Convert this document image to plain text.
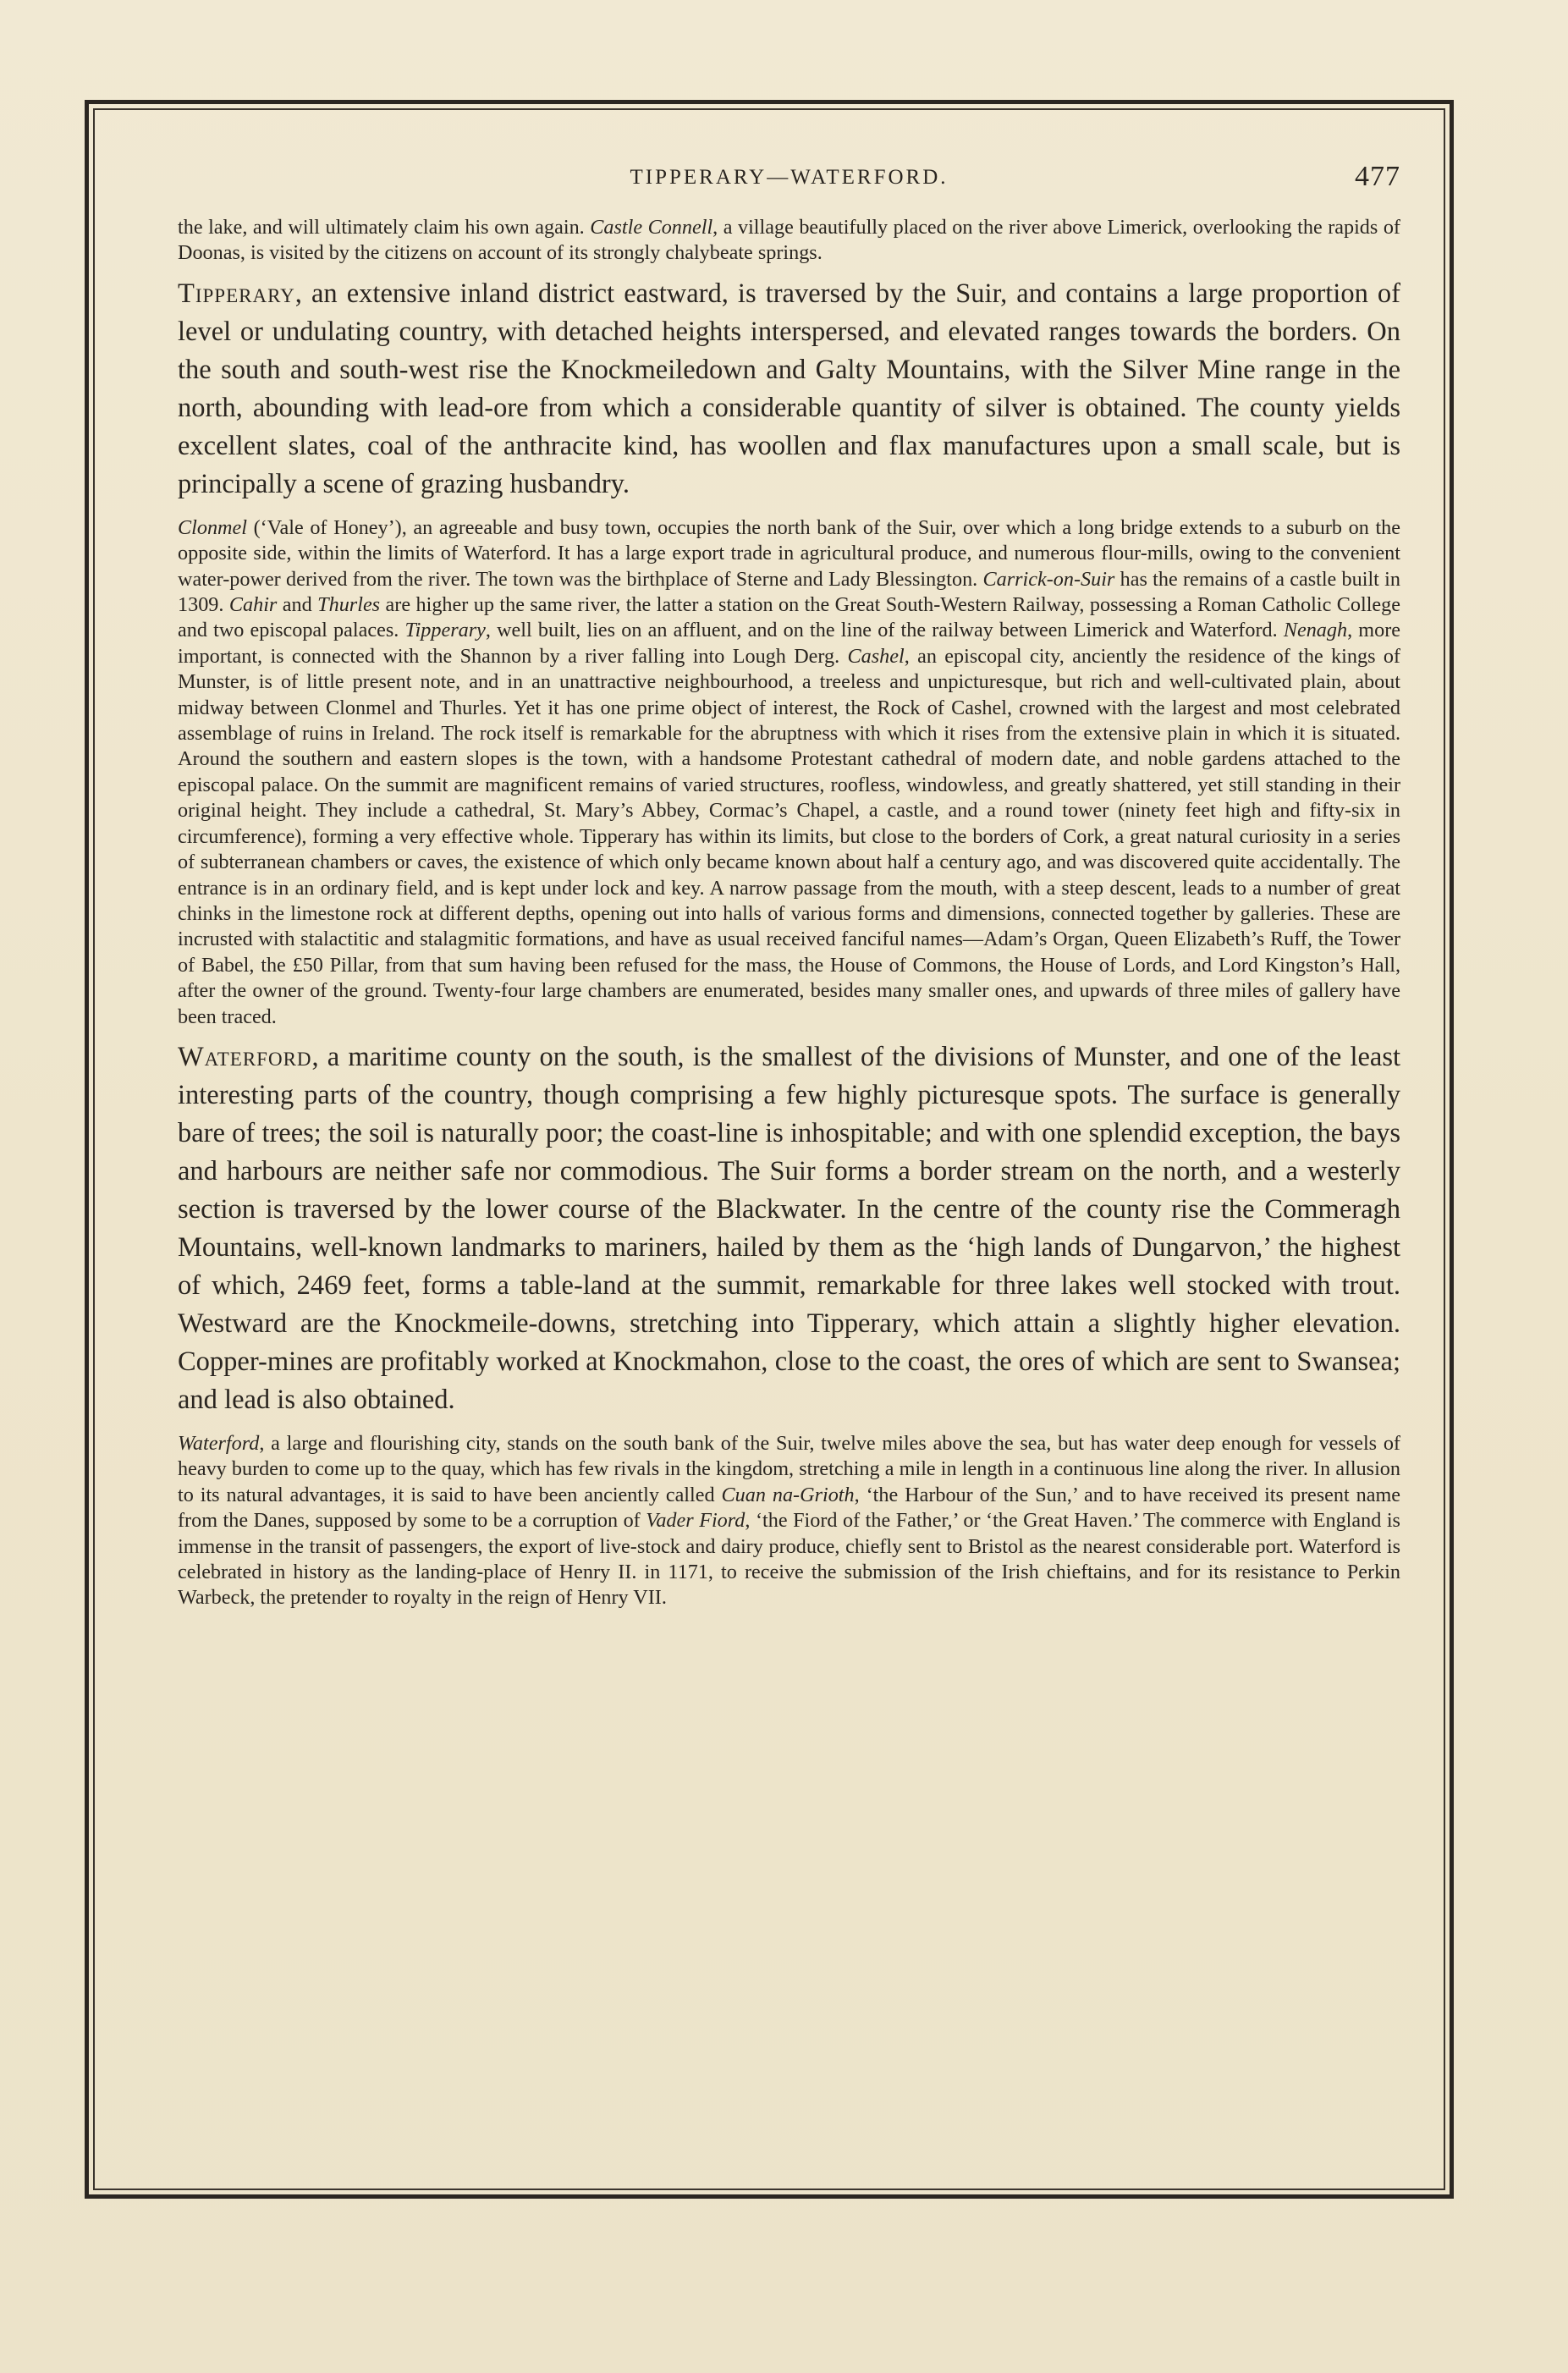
TIPPERARY—WATERFORD.	477

the lake, and will ultimately claim his own again. Castle Connell, a village beautifully placed on the river above Limerick, overlooking the rapids of Doonas, is visited by the citizens on account of its strongly chalybeate springs.

Tipperary, an extensive inland district eastward, is traversed by the Suir, and contains a large proportion of level or undulating country, with detached heights interspersed, and elevated ranges towards the borders. On the south and south-west rise the Knockmeiledown and Galty Mountains, with the Silver Mine range in the north, abounding with lead-ore from which a considerable quantity of silver is obtained. The county yields excellent slates, coal of the anthracite kind, has woollen and flax manufactures upon a small scale, but is principally a scene of grazing husbandry.

Clonmel (‘Vale of Honey’), an agreeable and busy town, occupies the north bank of the Suir, over which a long bridge extends to a suburb on the opposite side, within the limits of Waterford. It has a large export trade in agricultural produce, and numerous flour-mills, owing to the convenient water-power derived from the river. The town was the birthplace of Sterne and Lady Blessington. Carrick-on-Suir has the remains of a castle built in 1309. Cahir and Thurles are higher up the same river, the latter a station on the Great South-Western Railway, possessing a Roman Catholic College and two episcopal palaces. Tipperary, well built, lies on an affluent, and on the line of the railway between Limerick and Waterford. Nenagh, more important, is connected with the Shannon by a river falling into Lough Derg. Cashel, an episcopal city, anciently the residence of the kings of Munster, is of little present note, and in an unattractive neighbourhood, a treeless and unpicturesque, but rich and well-cultivated plain, about midway between Clonmel and Thurles. Yet it has one prime object of interest, the Rock of Cashel, crowned with the largest and most celebrated assemblage of ruins in Ireland. The rock itself is remarkable for the abruptness with which it rises from the extensive plain in which it is situated. Around the southern and eastern slopes is the town, with a handsome Protestant cathedral of modern date, and noble gardens attached to the episcopal palace. On the summit are magnificent remains of varied structures, roofless, windowless, and greatly shattered, yet still standing in their original height. They include a cathedral, St. Mary’s Abbey, Cormac’s Chapel, a castle, and a round tower (ninety feet high and fifty-six in circumference), forming a very effective whole. Tipperary has within its limits, but close to the borders of Cork, a great natural curiosity in a series of subterranean chambers or caves, the existence of which only became known about half a century ago, and was discovered quite accidentally. The entrance is in an ordinary field, and is kept under lock and key. A narrow passage from the mouth, with a steep descent, leads to a number of great chinks in the limestone rock at different depths, opening out into halls of various forms and dimensions, connected together by galleries. These are incrusted with stalactitic and stalagmitic formations, and have as usual received fanciful names—Adam’s Organ, Queen Elizabeth’s Ruff, the Tower of Babel, the £50 Pillar, from that sum having been refused for the mass, the House of Commons, the House of Lords, and Lord Kingston’s Hall, after the owner of the ground. Twenty-four large chambers are enumerated, besides many smaller ones, and upwards of three miles of gallery have been traced.

Waterford, a maritime county on the south, is the smallest of the divisions of Munster, and one of the least interesting parts of the country, though comprising a few highly picturesque spots. The surface is generally bare of trees; the soil is naturally poor; the coast-line is inhospitable; and with one splendid exception, the bays and harbours are neither safe nor commodious. The Suir forms a border stream on the north, and a westerly section is traversed by the lower course of the Blackwater. In the centre of the county rise the Commeragh Mountains, well-known landmarks to mariners, hailed by them as the ‘high lands of Dungarvon,’ the highest of which, 2469 feet, forms a table-land at the summit, remarkable for three lakes well stocked with trout. Westward are the Knockmeile-downs, stretching into Tipperary, which attain a slightly higher elevation. Copper-mines are profitably worked at Knockmahon, close to the coast, the ores of which are sent to Swansea; and lead is also obtained.

Waterford, a large and flourishing city, stands on the south bank of the Suir, twelve miles above the sea, but has water deep enough for vessels of heavy burden to come up to the quay, which has few rivals in the kingdom, stretching a mile in length in a continuous line along the river. In allusion to its natural advantages, it is said to have been anciently called Cuan na-Grioth, ‘the Harbour of the Sun,’ and to have received its present name from the Danes, supposed by some to be a corruption of Vader Fiord, ‘the Fiord of the Father,’ or ‘the Great Haven.’ The commerce with England is immense in the transit of passengers, the export of live-stock and dairy produce, chiefly sent to Bristol as the nearest considerable port. Waterford is celebrated in history as the landing-place of Henry II. in 1171, to receive the submission of the Irish chieftains, and for its resistance to Perkin Warbeck, the pretender to royalty in the reign of Henry VII.
